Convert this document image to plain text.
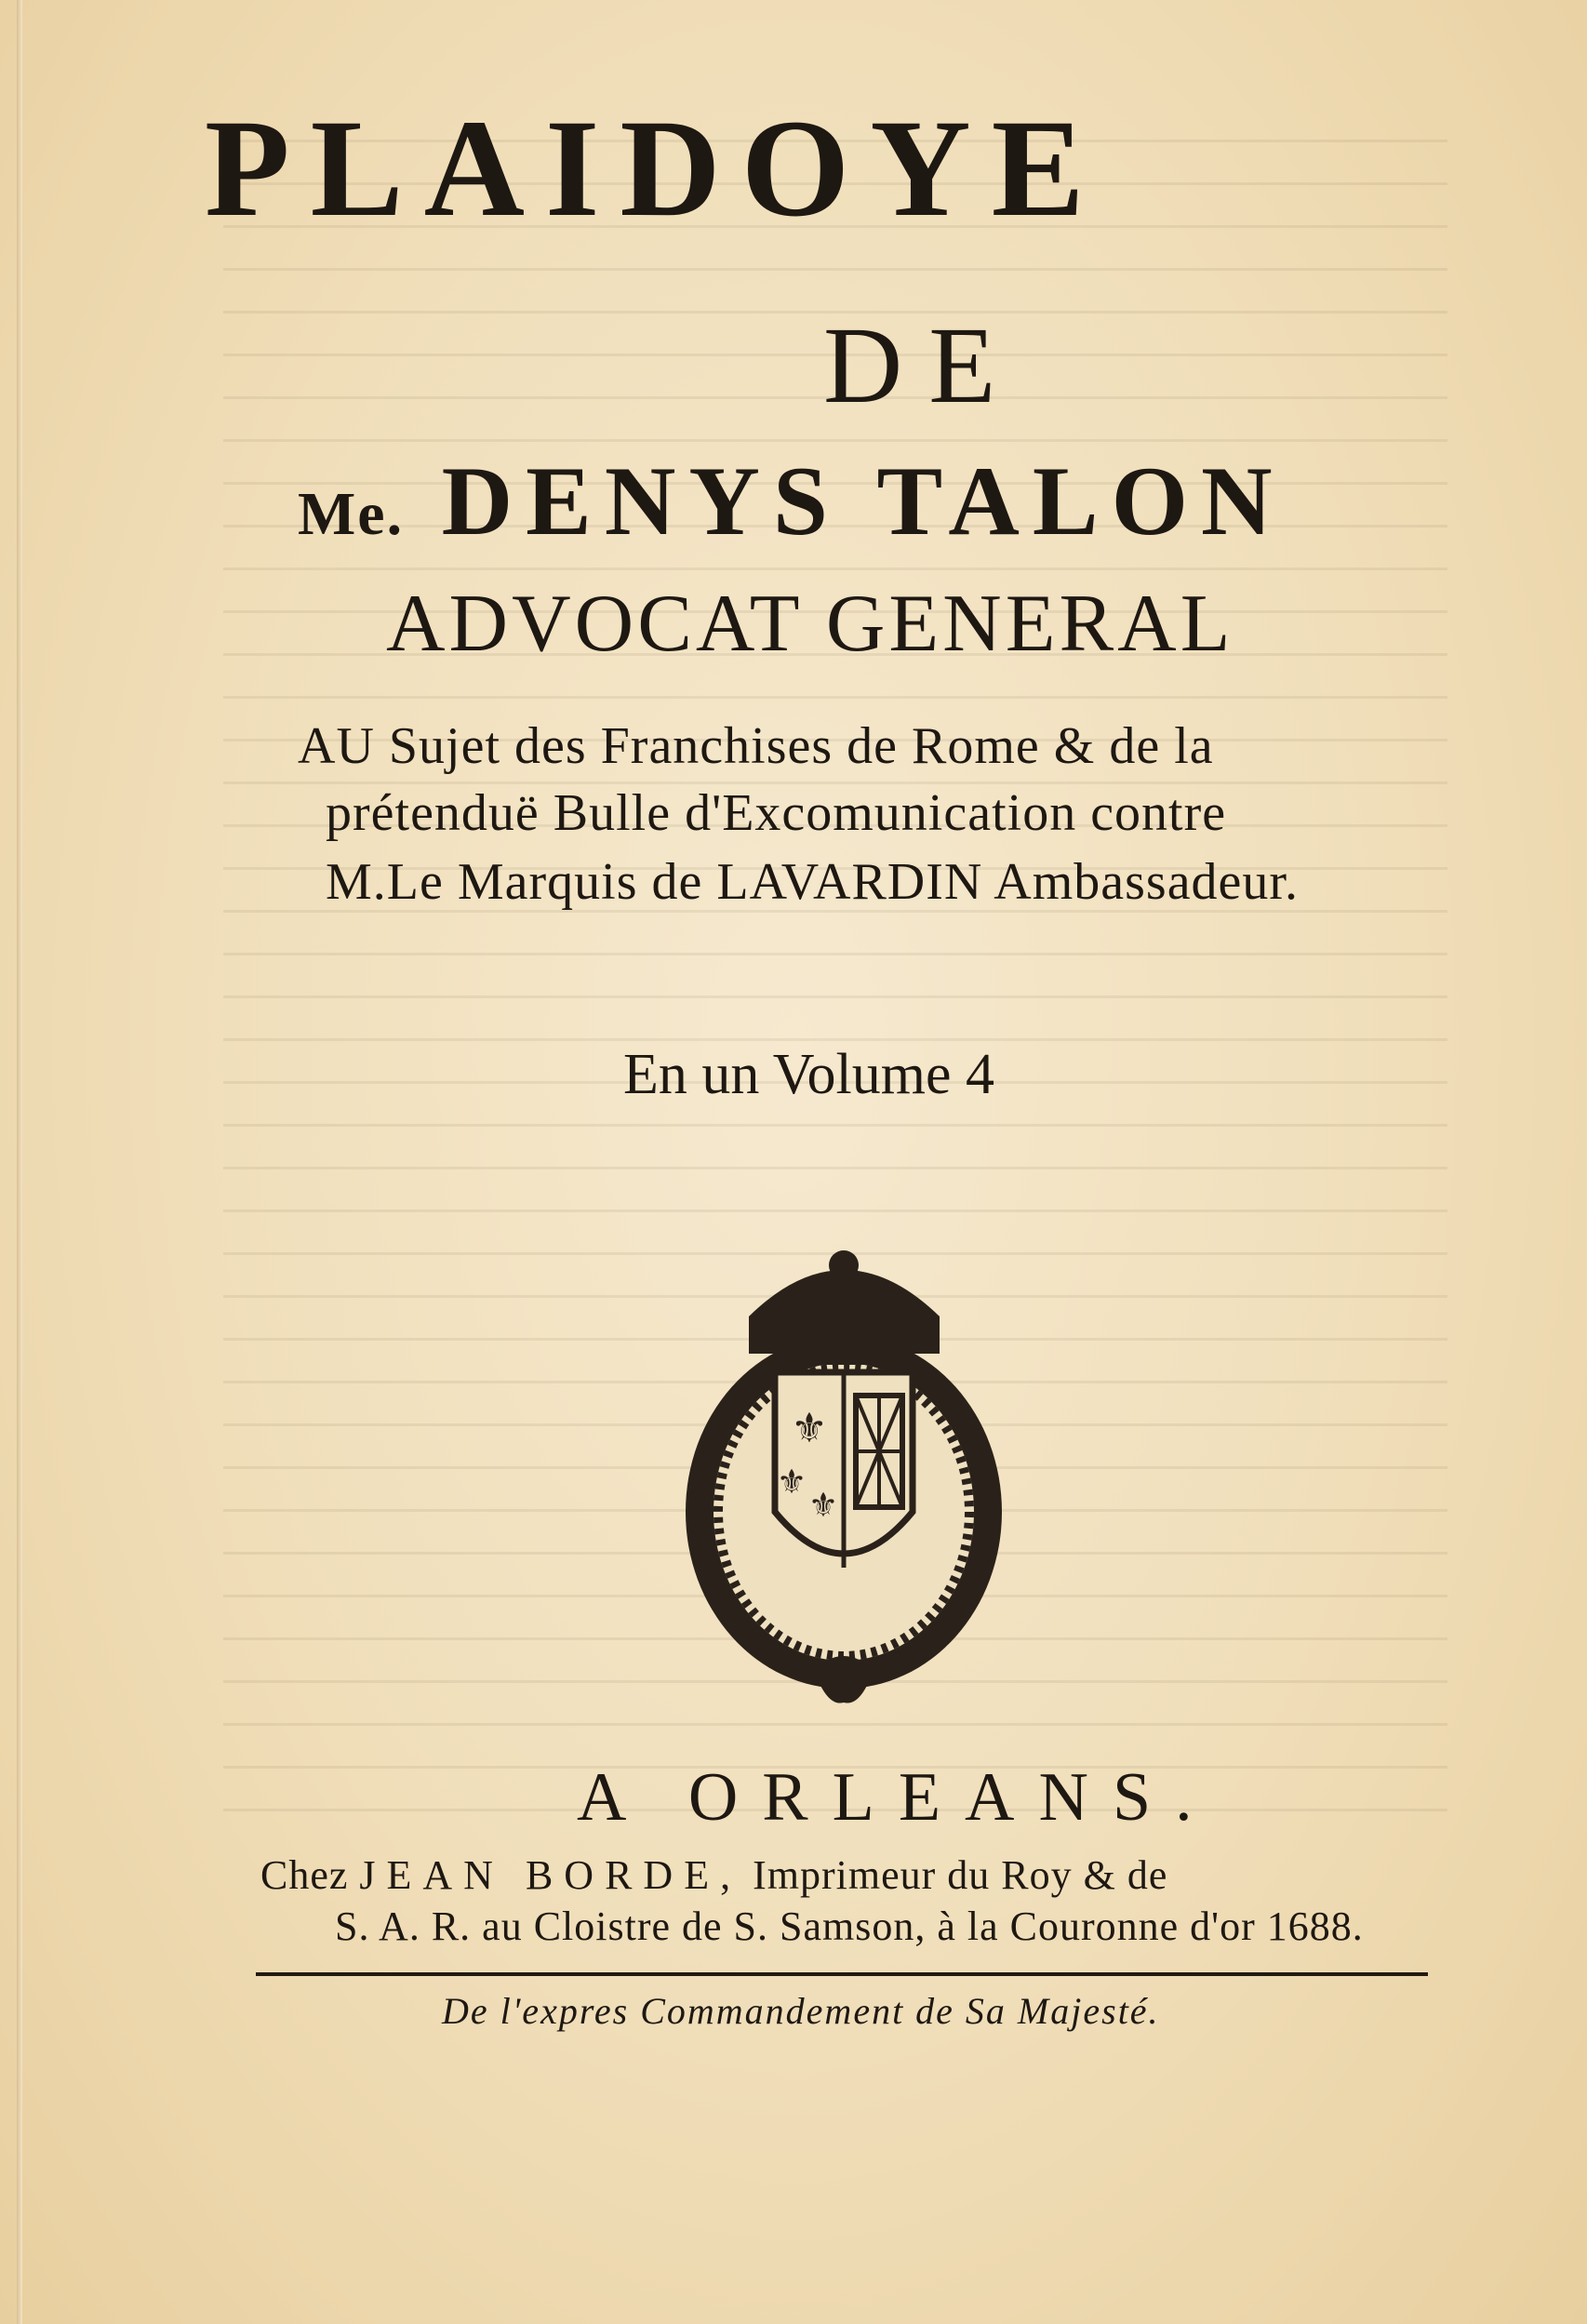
PLAIDOYE
DE
Me. DENYS TALON
ADVOCAT GENERAL
AU Sujet des Franchises de Rome & de la
prétenduë Bulle d'Excomunication contre
M.Le Marquis de LAVARDIN Ambassadeur.
En un Volume 4
⚜
⚜
⚜
A ORLEANS.
Chez JEAN BORDE, Imprimeur du Roy & de
S. A. R. au Cloistre de S. Samson, à la Couronne d'or 1688.
De l'expres Commandement de Sa Majesté.
